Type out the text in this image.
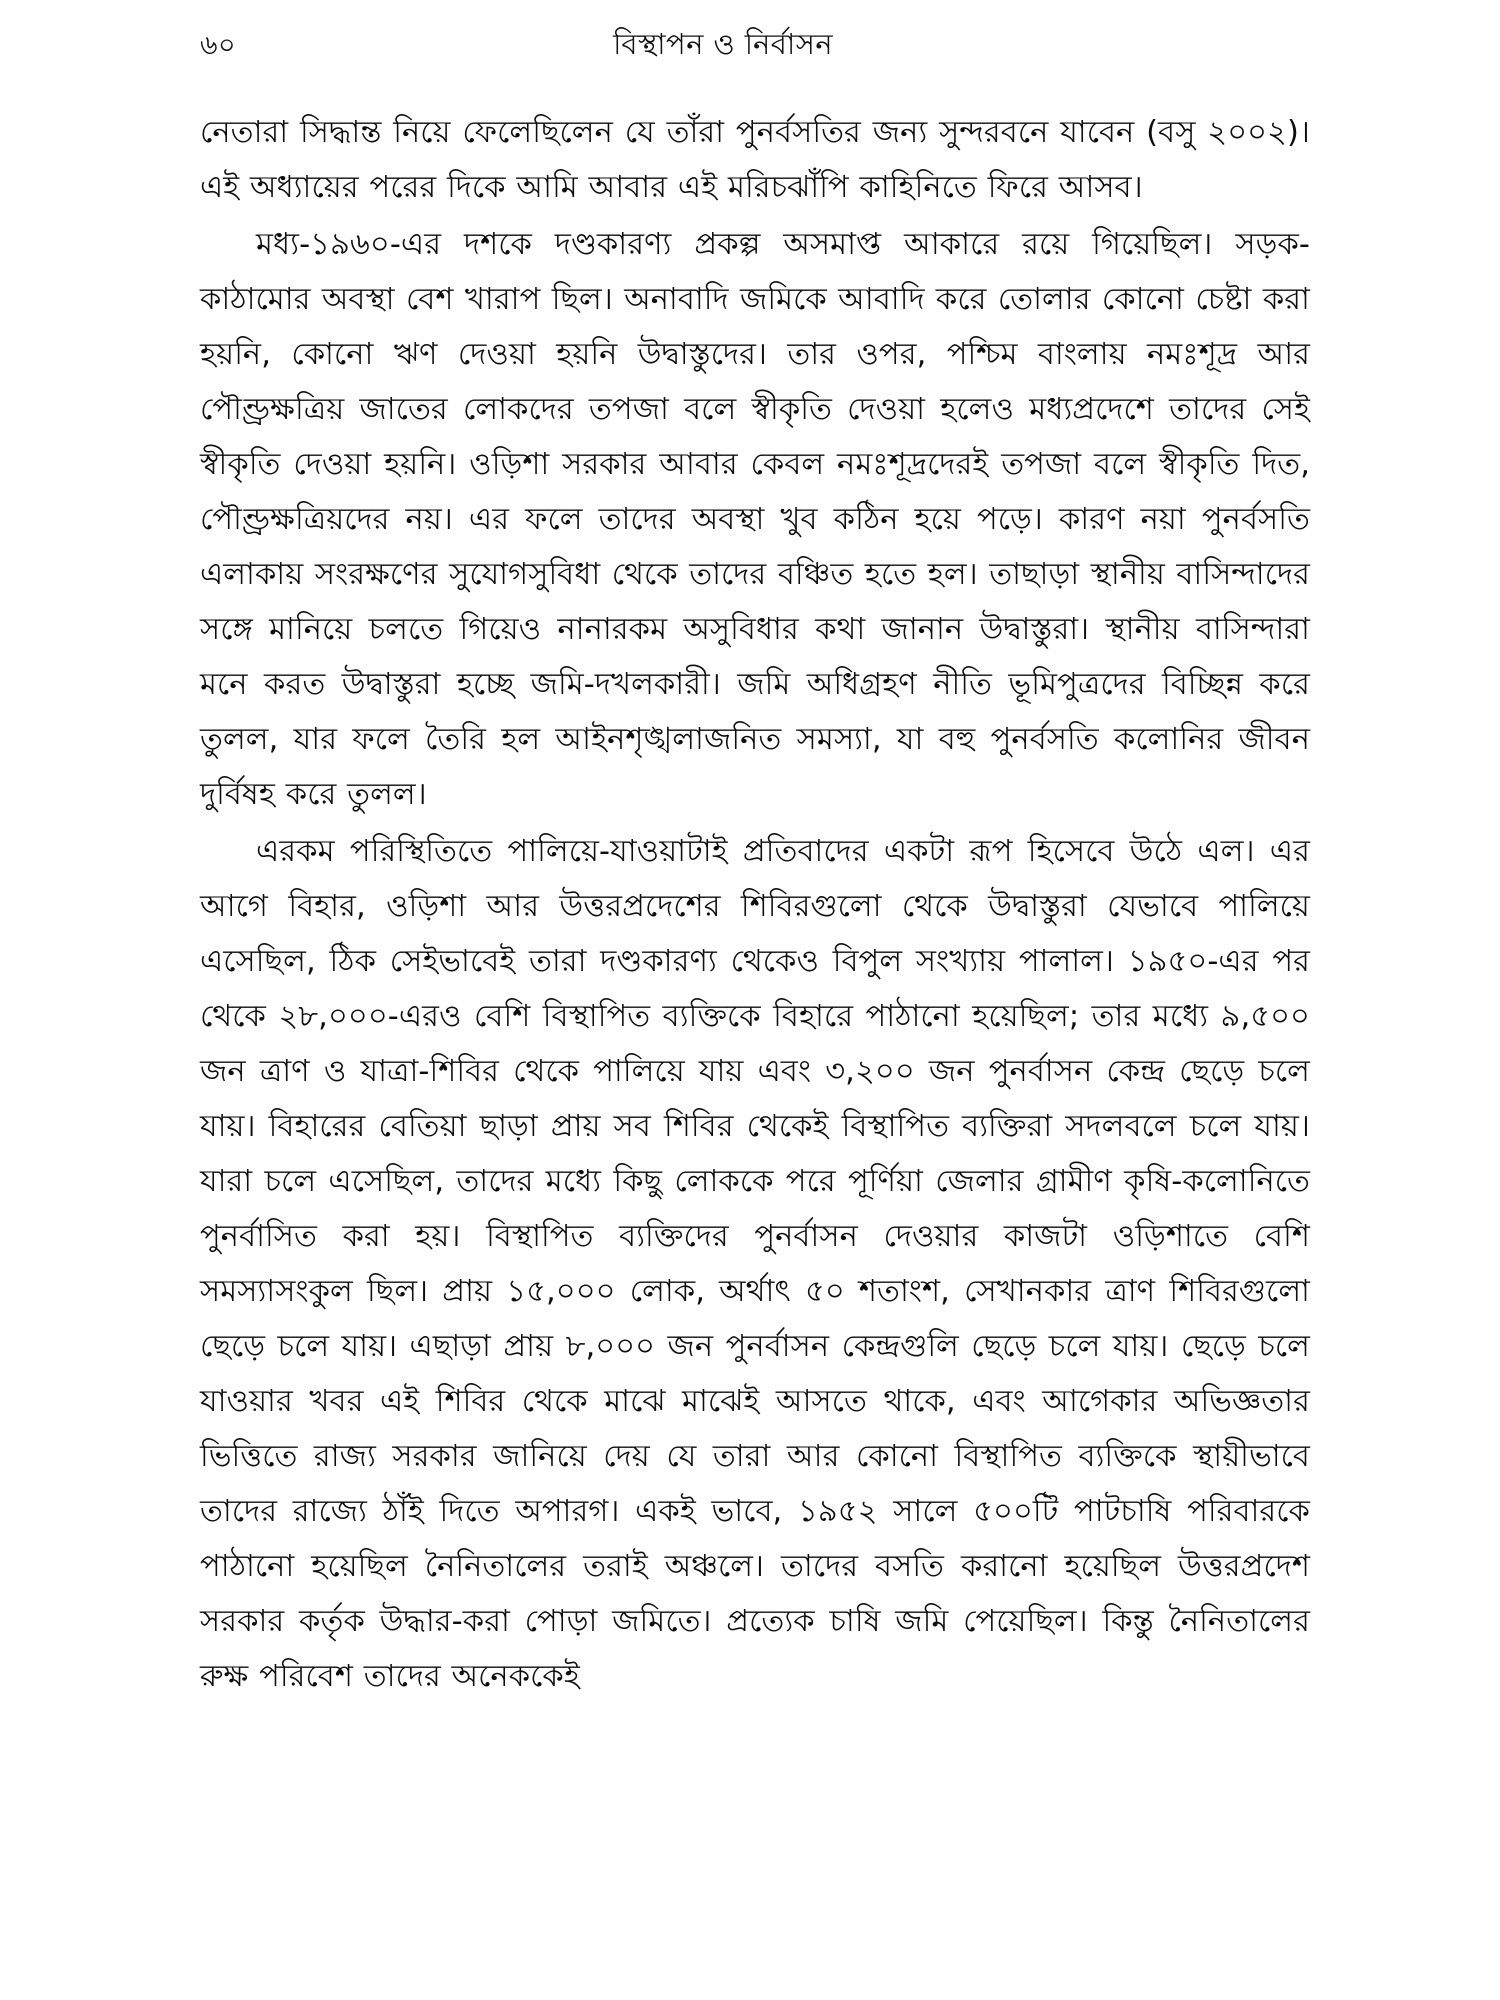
৬০	বিস্থাপন ও নির্বাসন

নেতারা সিদ্ধান্ত নিয়ে ফেলেছিলেন যে তাঁরা পুনর্বসতির জন্য সুন্দরবনে যাবেন (বসু ২০০২)। এই অধ্যায়ের পরের দিকে আমি আবার এই মরিচঝাঁপি কাহিনিতে ফিরে আসব।

মধ্য-১৯৬০-এর দশকে দণ্ডকারণ্য প্রকল্প অসমাপ্ত আকারে রয়ে গিয়েছিল। সড়ক-কাঠামোর অবস্থা বেশ খারাপ ছিল। অনাবাদি জমিকে আবাদি করে তোলার কোনো চেষ্টা করা হয়নি, কোনো ঋণ দেওয়া হয়নি উদ্বাস্তুদের। তার ওপর, পশ্চিম বাংলায় নমঃশূদ্র আর পৌণ্ড্রক্ষত্রিয় জাতের লোকদের তপজা বলে স্বীকৃতি দেওয়া হলেও মধ্যপ্রদেশে তাদের সেই স্বীকৃতি দেওয়া হয়নি। ওড়িশা সরকার আবার কেবল নমঃশূদ্রদেরই তপজা বলে স্বীকৃতি দিত, পৌণ্ড্রক্ষত্রিয়দের নয়। এর ফলে তাদের অবস্থা খুব কঠিন হয়ে পড়ে। কারণ নয়া পুনর্বসতি এলাকায় সংরক্ষণের সুযোগসুবিধা থেকে তাদের বঞ্চিত হতে হল। তাছাড়া স্থানীয় বাসিন্দাদের সঙ্গে মানিয়ে চলতে গিয়েও নানারকম অসুবিধার কথা জানান উদ্বাস্তুরা। স্থানীয় বাসিন্দারা মনে করত উদ্বাস্তুরা হচ্ছে জমি-দখলকারী। জমি অধিগ্রহণ নীতি ভূমিপুত্রদের বিচ্ছিন্ন করে তুলল, যার ফলে তৈরি হল আইনশৃঙ্খলাজনিত সমস্যা, যা বহু পুনর্বসতি কলোনির জীবন দুর্বিষহ করে তুলল।

এরকম পরিস্থিতিতে পালিয়ে-যাওয়াটাই প্রতিবাদের একটা রূপ হিসেবে উঠে এল। এর আগে বিহার, ওড়িশা আর উত্তরপ্রদেশের শিবিরগুলো থেকে উদ্বাস্তুরা যেভাবে পালিয়ে এসেছিল, ঠিক সেইভাবেই তারা দণ্ডকারণ্য থেকেও বিপুল সংখ্যায় পালাল। ১৯৫০-এর পর থেকে ২৮,০০০-এরও বেশি বিস্থাপিত ব্যক্তিকে বিহারে পাঠানো হয়েছিল; তার মধ্যে ৯,৫০০ জন ত্রাণ ও যাত্রা-শিবির থেকে পালিয়ে যায় এবং ৩,২০০ জন পুনর্বাসন কেন্দ্র ছেড়ে চলে যায়। বিহারের বেতিয়া ছাড়া প্রায় সব শিবির থেকেই বিস্থাপিত ব্যক্তিরা সদলবলে চলে যায়। যারা চলে এসেছিল, তাদের মধ্যে কিছু লোককে পরে পূর্ণিয়া জেলার গ্রামীণ কৃষি-কলোনিতে পুনর্বাসিত করা হয়। বিস্থাপিত ব্যক্তিদের পুনর্বাসন দেওয়ার কাজটা ওড়িশাতে বেশি সমস্যাসংকুল ছিল। প্রায় ১৫,০০০ লোক, অর্থাৎ ৫০ শতাংশ, সেখানকার ত্রাণ শিবিরগুলো ছেড়ে চলে যায়। এছাড়া প্রায় ৮,০০০ জন পুনর্বাসন কেন্দ্রগুলি ছেড়ে চলে যায়। ছেড়ে চলে যাওয়ার খবর এই শিবির থেকে মাঝে মাঝেই আসতে থাকে, এবং আগেকার অভিজ্ঞতার ভিত্তিতে রাজ্য সরকার জানিয়ে দেয় যে তারা আর কোনো বিস্থাপিত ব্যক্তিকে স্থায়ীভাবে তাদের রাজ্যে ঠাঁই দিতে অপারগ। একই ভাবে, ১৯৫২ সালে ৫০০টি পাটচাষি পরিবারকে পাঠানো হয়েছিল নৈনিতালের তরাই অঞ্চলে। তাদের বসতি করানো হয়েছিল উত্তরপ্রদেশ সরকার কর্তৃক উদ্ধার-করা পোড়া জমিতে। প্রত্যেক চাষি জমি পেয়েছিল। কিন্তু নৈনিতালের রুক্ষ পরিবেশ তাদের অনেককেই
